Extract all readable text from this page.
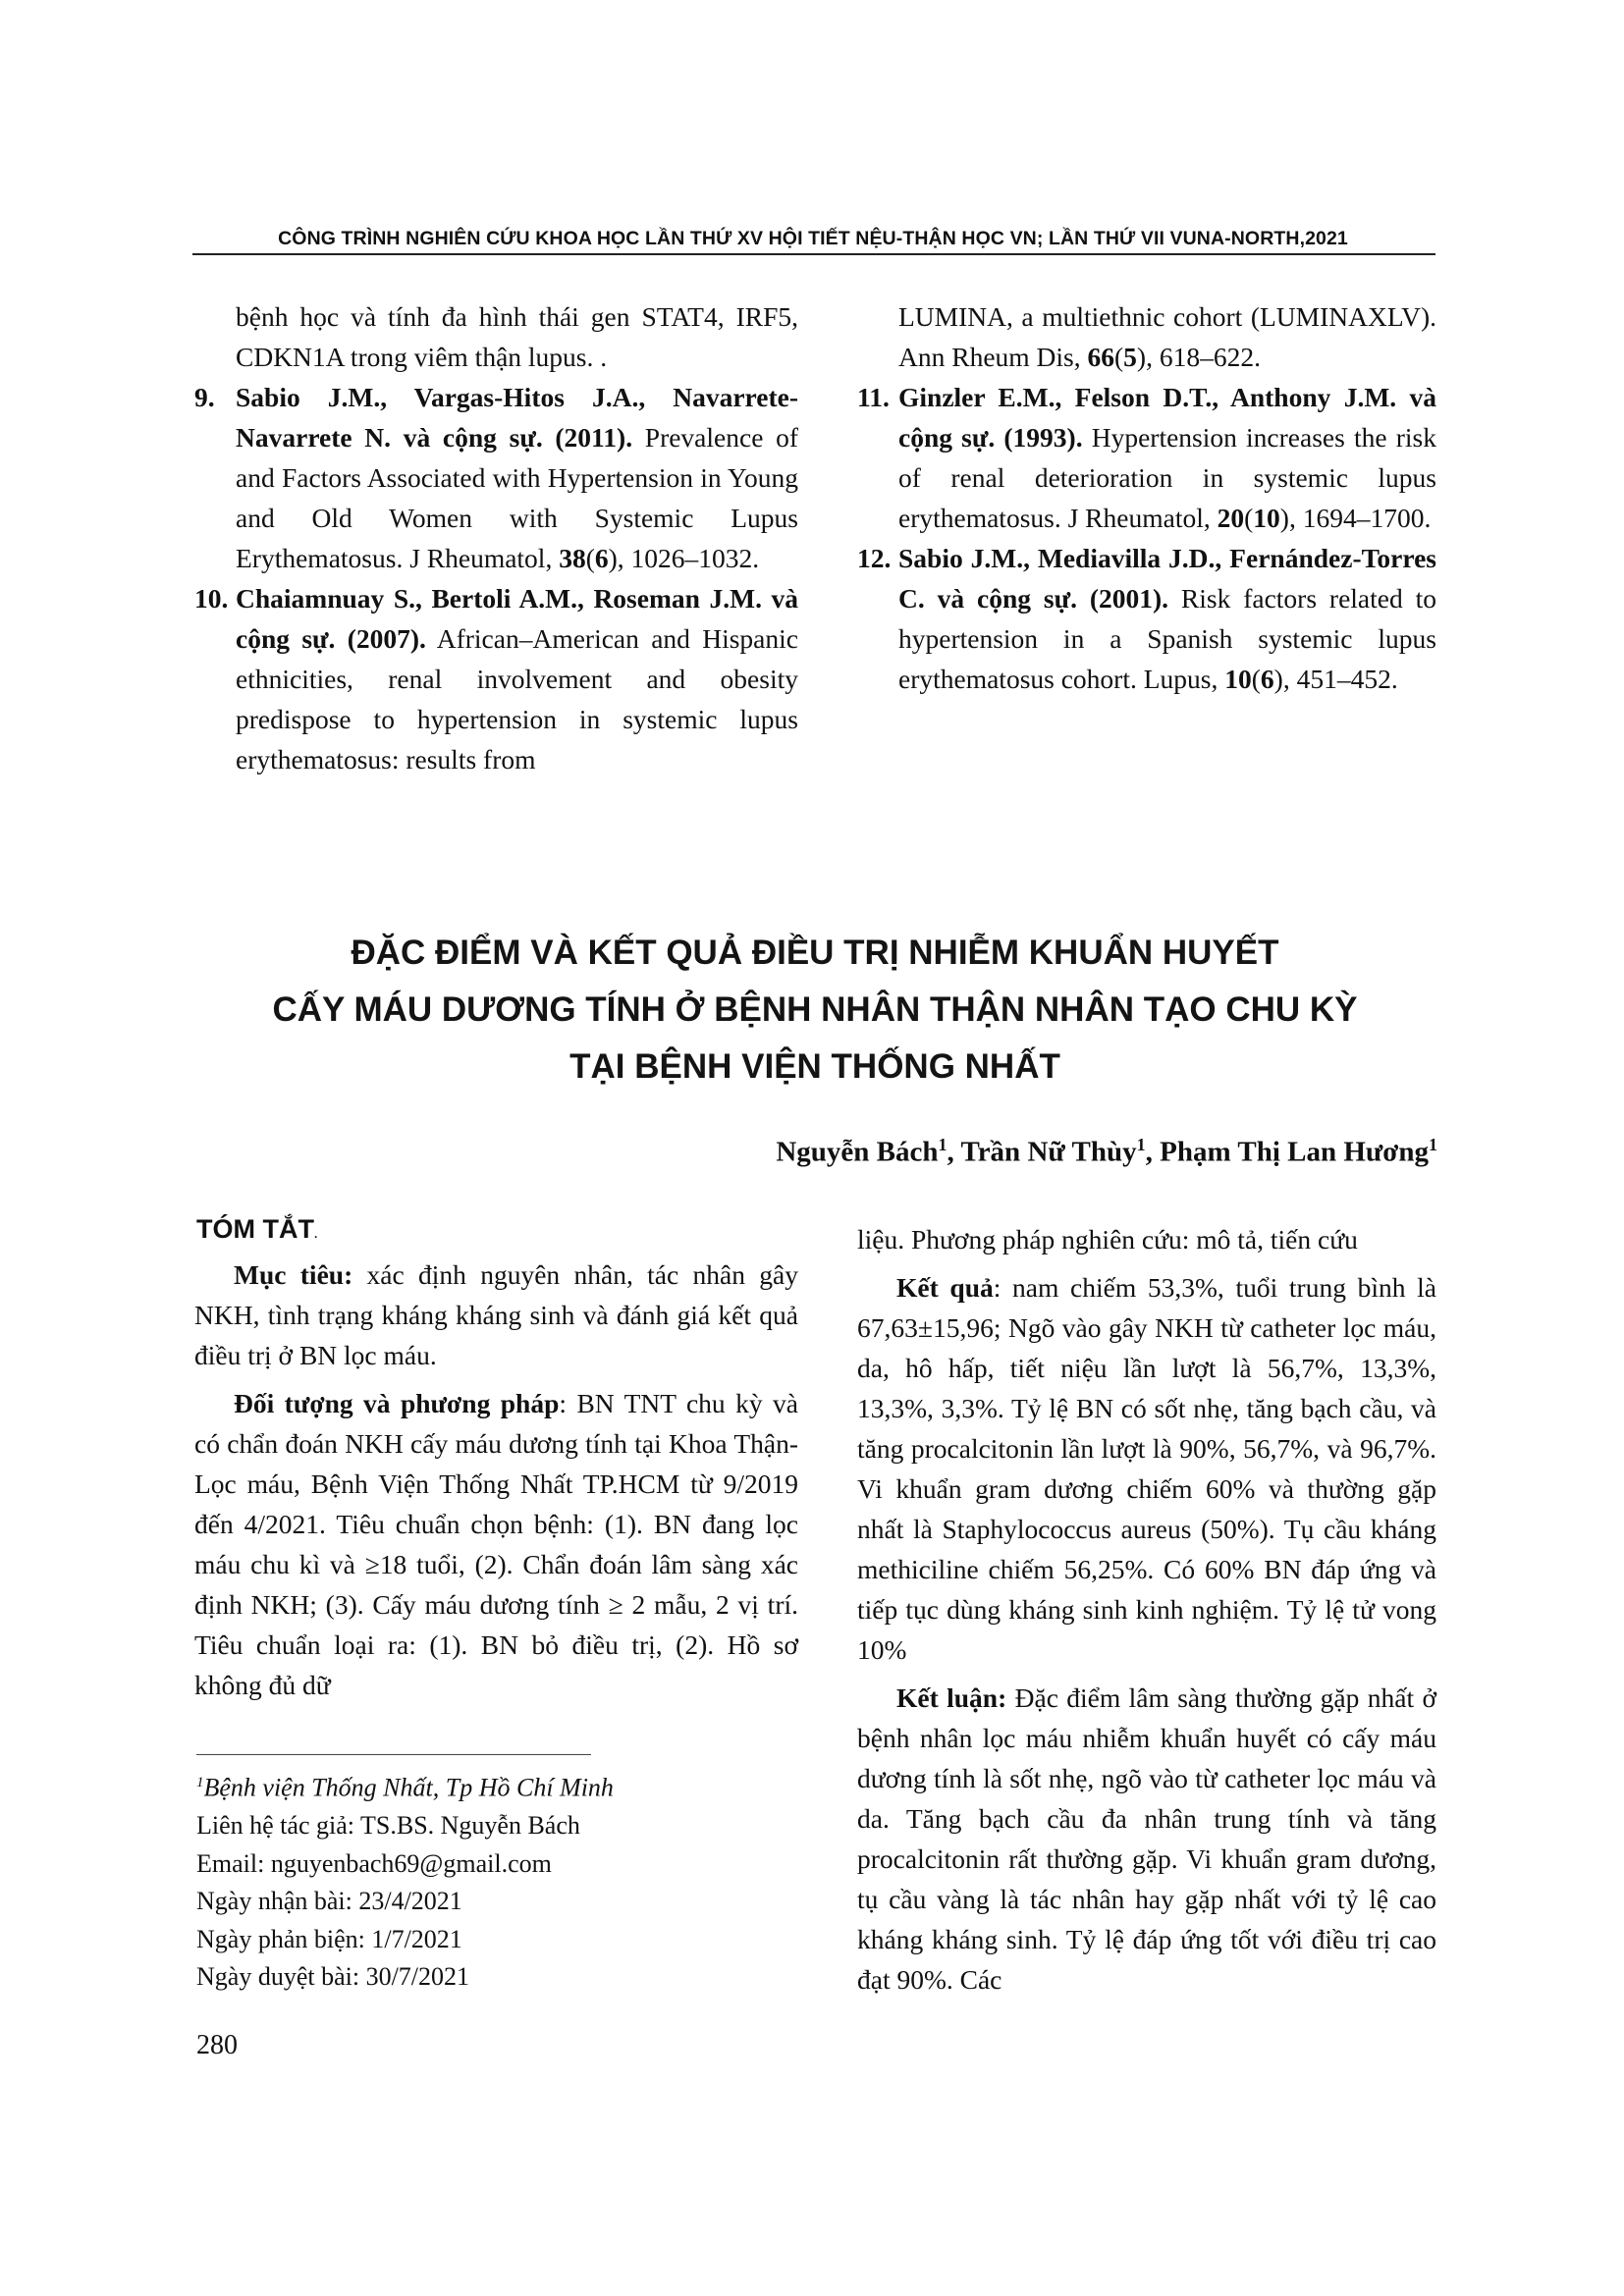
CÔNG TRÌNH NGHIÊN CỨU KHOA HỌC LẦN THỨ XV HỘI TIẾT NỆU-THẬN HỌC VN; LẦN THỨ VII VUNA-NORTH,2021

bệnh học và tính đa hình thái gen STAT4, IRF5, CDKN1A trong viêm thận lupus. .

9. Sabio J.M., Vargas-Hitos J.A., Navarrete-Navarrete N. và cộng sự. (2011). Prevalence of and Factors Associated with Hypertension in Young and Old Women with Systemic Lupus Erythematosus. J Rheumatol, 38(6), 1026–1032.

10. Chaiamnuay S., Bertoli A.M., Roseman J.M. và cộng sự. (2007). African–American and Hispanic ethnicities, renal involvement and obesity predispose to hypertension in systemic lupus erythematosus: results from

LUMINA, a multiethnic cohort (LUMINAXLV). Ann Rheum Dis, 66(5), 618–622.

11. Ginzler E.M., Felson D.T., Anthony J.M. và cộng sự. (1993). Hypertension increases the risk of renal deterioration in systemic lupus erythematosus. J Rheumatol, 20(10), 1694–1700.

12. Sabio J.M., Mediavilla J.D., Fernández-Torres C. và cộng sự. (2001). Risk factors related to hypertension in a Spanish systemic lupus erythematosus cohort. Lupus, 10(6), 451–452.

ĐẶC ĐIỂM VÀ KẾT QUẢ ĐIỀU TRỊ NHIỄM KHUẨN HUYẾT
CẤY MÁU DƯƠNG TÍNH Ở BỆNH NHÂN THẬN NHÂN TẠO CHU KỲ
TẠI BỆNH VIỆN THỐNG NHẤT
Nguyễn Bách$^1$, Trần Nữ Thùy$^1$, Phạm Thị Lan Hương$^1$
TÓM TẮT.

Mục tiêu: xác định nguyên nhân, tác nhân gây NKH, tình trạng kháng kháng sinh và đánh giá kết quả điều trị ở BN lọc máu.

Đối tượng và phương pháp: BN TNT chu kỳ và có chẩn đoán NKH cấy máu dương tính tại Khoa Thận-Lọc máu, Bệnh Viện Thống Nhất TP.HCM từ 9/2019 đến 4/2021. Tiêu chuẩn chọn bệnh: (1). BN đang lọc máu chu kì và ≥18 tuổi, (2). Chẩn đoán lâm sàng xác định NKH; (3). Cấy máu dương tính ≥ 2 mẫu, 2 vị trí. Tiêu chuẩn loại ra: (1). BN bỏ điều trị, (2). Hồ sơ không đủ dữ

liệu. Phương pháp nghiên cứu: mô tả, tiến cứu

Kết quả: nam chiếm 53,3%, tuổi trung bình là 67,63±15,96; Ngõ vào gây NKH từ catheter lọc máu, da, hô hấp, tiết niệu lần lượt là 56,7%, 13,3%, 13,3%, 3,3%. Tỷ lệ BN có sốt nhẹ, tăng bạch cầu, và tăng procalcitonin lần lượt là 90%, 56,7%, và 96,7%. Vi khuẩn gram dương chiếm 60% và thường gặp nhất là Staphylococcus aureus (50%). Tụ cầu kháng methiciline chiếm 56,25%. Có 60% BN đáp ứng và tiếp tục dùng kháng sinh kinh nghiệm. Tỷ lệ tử vong 10%

Kết luận: Đặc điểm lâm sàng thường gặp nhất ở bệnh nhân lọc máu nhiễm khuẩn huyết có cấy máu dương tính là sốt nhẹ, ngõ vào từ catheter lọc máu và da. Tăng bạch cầu đa nhân trung tính và tăng procalcitonin rất thường gặp. Vi khuẩn gram dương, tụ cầu vàng là tác nhân hay gặp nhất với tỷ lệ cao kháng kháng sinh. Tỷ lệ đáp ứng tốt với điều trị cao đạt 90%. Các

$^1$Bệnh viện Thống Nhất, Tp Hồ Chí Minh
Liên hệ tác giả: TS.BS. Nguyễn Bách
Email: nguyenbach69@gmail.com
Ngày nhận bài: 23/4/2021
Ngày phản biện: 1/7/2021
Ngày duyệt bài: 30/7/2021
280
